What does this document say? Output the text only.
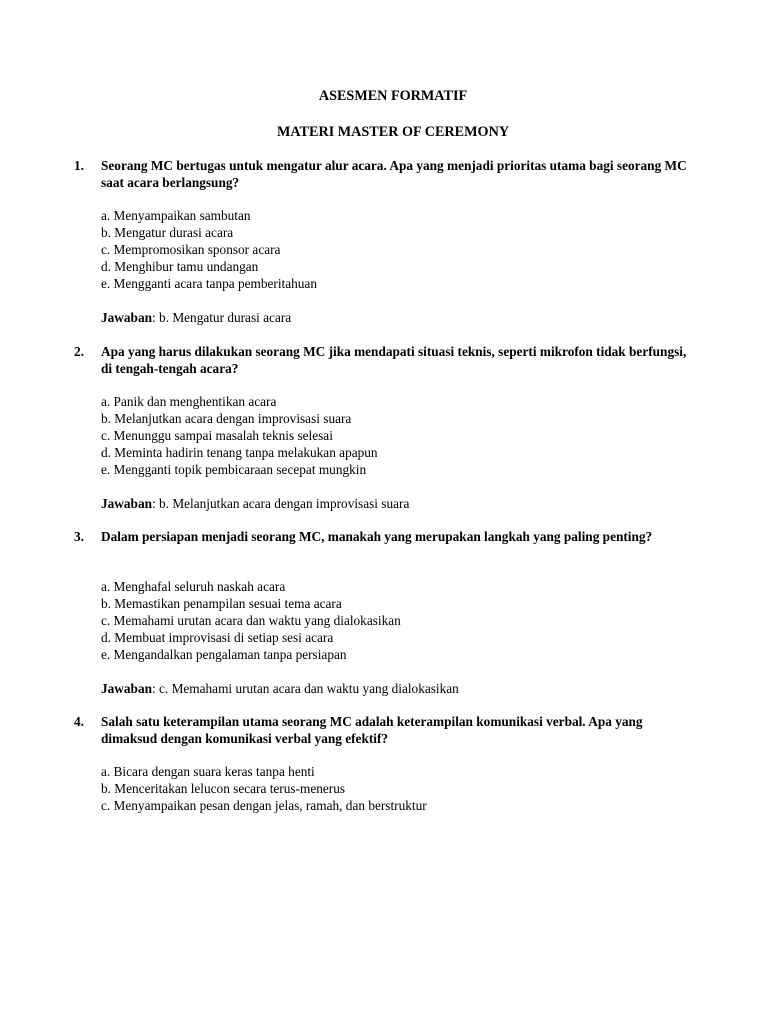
ASESMEN FORMATIF
MATERI MASTER OF CEREMONY
1. Seorang MC bertugas untuk mengatur alur acara. Apa yang menjadi prioritas utama bagi seorang MC saat acara berlangsung?

a. Menyampaikan sambutan
b. Mengatur durasi acara
c. Mempromosikan sponsor acara
d. Menghibur tamu undangan
e. Mengganti acara tanpa pemberitahuan

Jawaban: b. Mengatur durasi acara

2. Apa yang harus dilakukan seorang MC jika mendapati situasi teknis, seperti mikrofon tidak berfungsi, di tengah-tengah acara?

a. Panik dan menghentikan acara
b. Melanjutkan acara dengan improvisasi suara
c. Menunggu sampai masalah teknis selesai
d. Meminta hadirin tenang tanpa melakukan apapun
e. Mengganti topik pembicaraan secepat mungkin

Jawaban: b. Melanjutkan acara dengan improvisasi suara

3. Dalam persiapan menjadi seorang MC, manakah yang merupakan langkah yang paling penting?

a. Menghafal seluruh naskah acara
b. Memastikan penampilan sesuai tema acara
c. Memahami urutan acara dan waktu yang dialokasikan
d. Membuat improvisasi di setiap sesi acara
e. Mengandalkan pengalaman tanpa persiapan

Jawaban: c. Memahami urutan acara dan waktu yang dialokasikan

4. Salah satu keterampilan utama seorang MC adalah keterampilan komunikasi verbal. Apa yang dimaksud dengan komunikasi verbal yang efektif?

a. Bicara dengan suara keras tanpa henti
b. Menceritakan lelucon secara terus-menerus
c. Menyampaikan pesan dengan jelas, ramah, dan berstruktur
